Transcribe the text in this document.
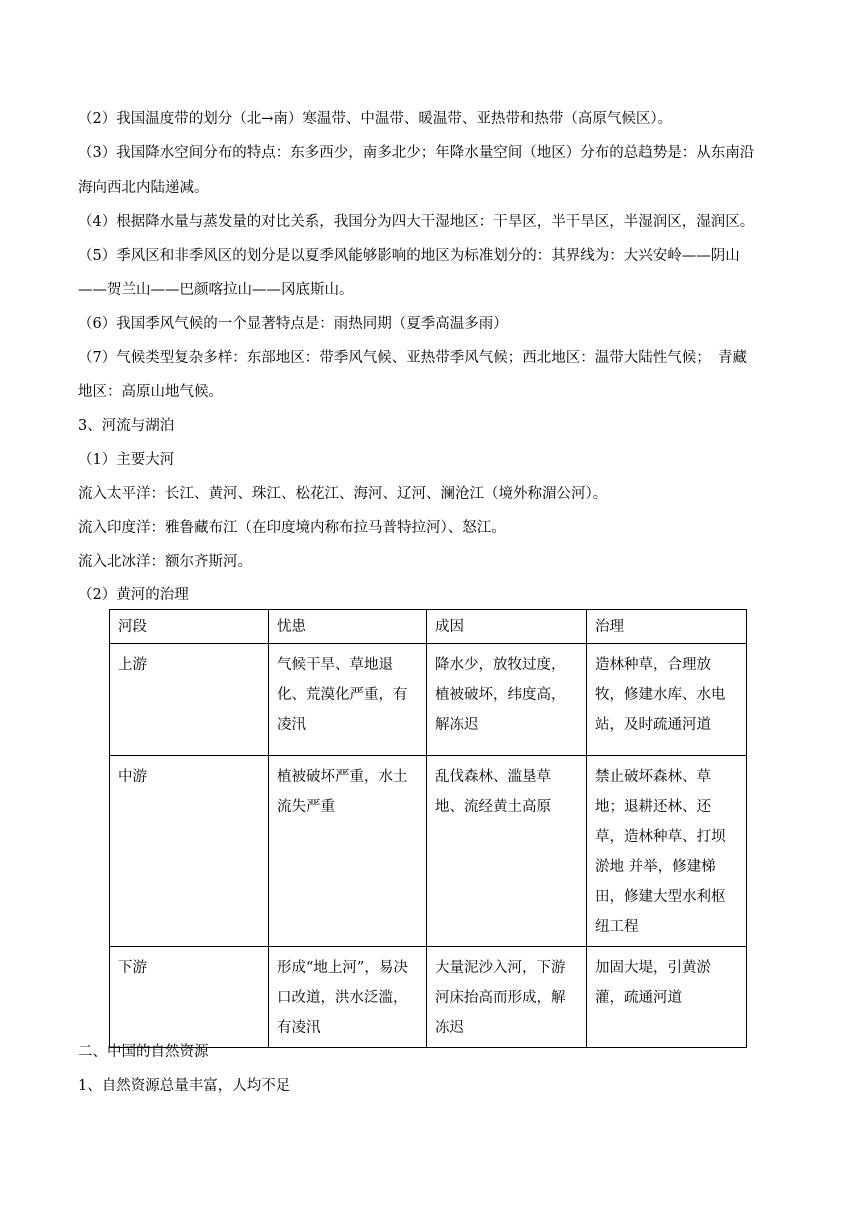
（2）我国温度带的划分（北→南）寒温带、中温带、暖温带、亚热带和热带（高原气候区）。
（3）我国降水空间分布的特点：东多西少，南多北少；年降水量空间（地区）分布的总趋势是：从东南沿
海向西北内陆递减。
（4）根据降水量与蒸发量的对比关系，我国分为四大干湿地区：干旱区，半干旱区，半湿润区，湿润区。
（5）季风区和非季风区的划分是以夏季风能够影响的地区为标准划分的：其界线为：大兴安岭——阴山
——贺兰山——巴颜喀拉山——冈底斯山。
（6）我国季风气候的一个显著特点是：雨热同期（夏季高温多雨）
（7）气候类型复杂多样：东部地区：带季风气候、亚热带季风气候；西北地区：温带大陆性气候；　青藏
地区：高原山地气候。
3、河流与湖泊
（1）主要大河
流入太平洋：长江、黄河、珠江、松花江、海河、辽河、澜沧江（境外称湄公河）。
流入印度洋：雅鲁藏布江（在印度境内称布拉马普特拉河）、怒江。
流入北冰洋：额尔齐斯河。
（2）黄河的治理
河段	忧患	成因	治理
上游	气候干旱、草地退化、荒漠化严重，有凌汛	降水少，放牧过度，植被破坏，纬度高，解冻迟	造林种草，合理放牧，修建水库、水电站，及时疏通河道
中游	植被破坏严重，水土流失严重	乱伐森林、滥垦草地、流经黄土高原	禁止破坏森林、草地；退耕还林、还草，造林种草、打坝淤地 并举，修建梯田，修建大型水利枢纽工程
下游	形成“地上河”，易决口改道，洪水泛滥，有凌汛	大量泥沙入河，下游河床抬高而形成，解冻迟	加固大堤，引黄淤灌，疏通河道
二、中国的自然资源
1、自然资源总量丰富，人均不足
